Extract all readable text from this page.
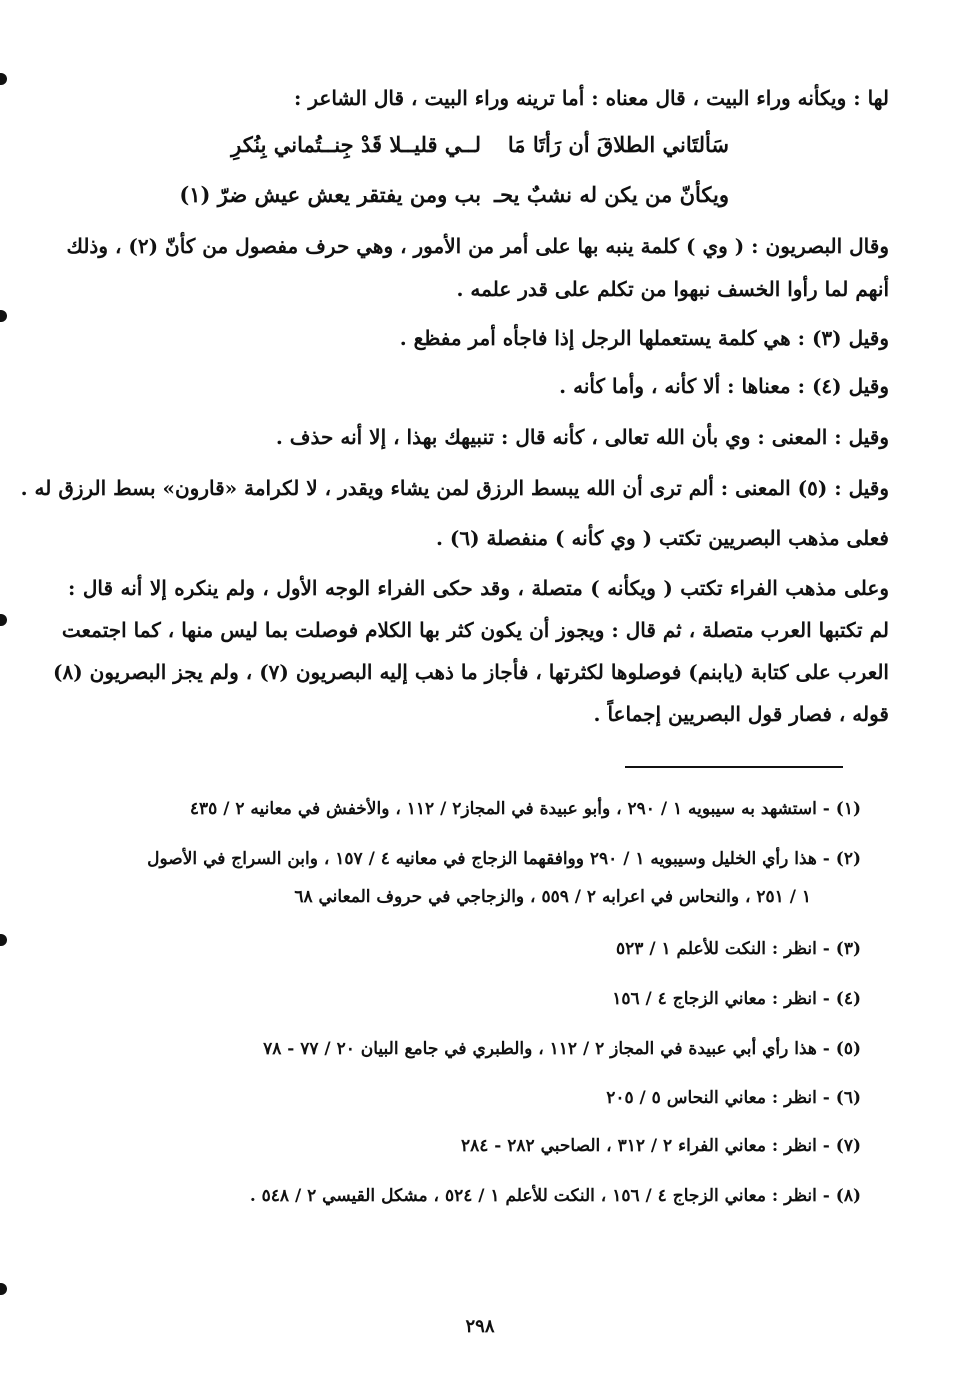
لها : ويكأنه وراء البيت ، قال معناه : أما ترينه وراء البيت ، قال الشاعر :
سَألتَاني الطلاقَ أن رَأتَا مَا
لــي قليــلا قَدْ جِنــتُماني بِنُكرِ
ويكأنّ من يكن له نشبٌ يحـ
بب ومن يفتقر يعش عيش ضرّ (١)
وقال البصريون : ( وي ) كلمة ينبه بها على أمر من الأمور ، وهي حرف مفصول من كأنّ (٢) ، وذلك
أنهم لما رأوا الخسف نبهوا من تكلم على قدر علمه .
وقيل (٣) : هي كلمة يستعملها الرجل إذا فاجأه أمر مفظع .
وقيل (٤) : معناها : ألا كأنه ، وأما كأنه .
وقيل : المعنى : وي بأن الله تعالى ، كأنه قال : تنبيهك بهذا ، إلا أنه حذف .
وقيل : (٥) المعنى : ألم ترى أن الله يبسط الرزق لمن يشاء ويقدر ، لا لكرامة «قارون» بسط الرزق له .
فعلى مذهب البصريين تكتب ( وي كأنه ) منفصلة (٦) .
وعلى مذهب الفراء تكتب ( ويكأنه ) متصلة ، وقد حكى الفراء الوجه الأول ، ولم ينكره إلا أنه قال :
لم تكتبها العرب متصلة ، ثم قال : ويجوز أن يكون كثر بها الكلام فوصلت بما ليس منها ، كما اجتمعت
العرب على كتابة (يابنم) فوصلوها لكثرتها ، فأجاز ما ذهب إليه البصريون (٧) ، ولم يجز البصريون (٨)
قوله ، فصار قول البصريين إجماعاً .
(١) - استشهد به سيبويه ١ / ٢٩٠ ، وأبو عبيدة في المجاز٢ / ١١٢ ، والأخفش في معانيه ٢ / ٤٣٥
(٢) - هذا رأي الخليل وسيبويه ١ / ٢٩٠ ووافقهما الزجاج في معانيه ٤ / ١٥٧ ، وابن السراج في الأصول
١ / ٢٥١ ، والنحاس في اعرابه ٢ / ٥٥٩ ، والزجاجي في حروف المعاني ٦٨
(٣) - انظر : النكت للأعلم ١ / ٥٢٣
(٤) - انظر : معاني الزجاج ٤ / ١٥٦
(٥) - هذا رأي أبي عبيدة في المجاز ٢ / ١١٢ ، والطبري في جامع البيان ٢٠ / ٧٧ - ٧٨
(٦) - انظر : معاني النحاس ٥ / ٢٠٥
(٧) - انظر : معاني الفراء ٢ / ٣١٢ ، الصاحبي ٢٨٢ - ٢٨٤
(٨) - انظر : معاني الزجاج ٤ / ١٥٦ ، النكت للأعلم ١ / ٥٢٤ ، مشكل القيسي ٢ / ٥٤٨ .
٢٩٨
